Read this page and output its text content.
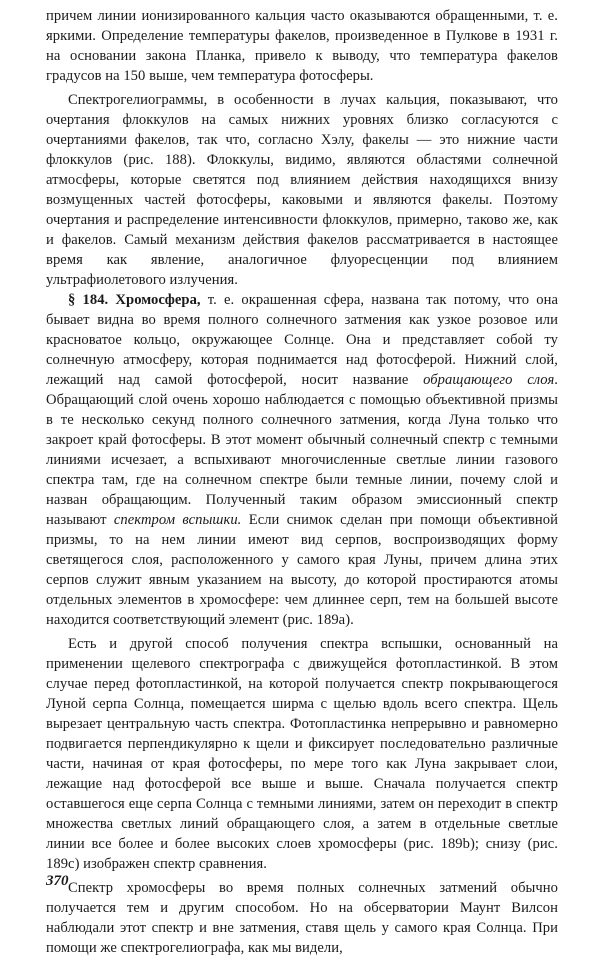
причем линии ионизированного кальция часто оказываются обращенными, т. е. яркими. Определение температуры факелов, произведенное в Пулкове в 1931 г. на основании закона Планка, привело к выводу, что температура факелов градусов на 150 выше, чем температура фотосферы.

Спектрогелиограммы, в особенности в лучах кальция, показывают, что очертания флоккулов на самых нижних уровнях близко согласуются с очертаниями факелов, так что, согласно Хэлу, факелы — это нижние части флоккулов (рис. 188). Флоккулы, видимо, являются областями солнечной атмосферы, которые светятся под влиянием действия находящихся внизу возмущенных частей фотосферы, каковыми и являются факелы. Поэтому очертания и распределение интенсивности флоккулов, примерно, таково же, как и факелов. Самый механизм действия факелов рассматривается в настоящее время как явление, аналогичное флуоресценции под влиянием ультрафиолетового излучения.

§ 184. Хромосфера, т. е. окрашенная сфера, названа так потому, что она бывает видна во время полного солнечного затмения как узкое розовое или красноватое кольцо, окружающее Солнце. Она и представляет собой ту солнечную атмосферу, которая поднимается над фотосферой. Нижний слой, лежащий над самой фотосферой, носит название обращающего слоя. Обращающий слой очень хорошо наблюдается с помощью объективной призмы в те несколько секунд полного солнечного затмения, когда Луна только что закроет край фотосферы. В этот момент обычный солнечный спектр с темными линиями исчезает, а вспыхивают многочисленные светлые линии газового спектра там, где на солнечном спектре были темные линии, почему слой и назван обращающим. Полученный таким образом эмиссионный спектр называют спектром вспышки. Если снимок сделан при помощи объективной призмы, то на нем линии имеют вид серпов, воспроизводящих форму светящегося слоя, расположенного у самого края Луны, причем длина этих серпов служит явным указанием на высоту, до которой простираются атомы отдельных элементов в хромосфере: чем длиннее серп, тем на большей высоте находится соответствующий элемент (рис. 189а).

Есть и другой способ получения спектра вспышки, основанный на применении щелевого спектрографа с движущейся фотопластинкой. В этом случае перед фотопластинкой, на которой получается спектр покрывающегося Луной серпа Солнца, помещается ширма с щелью вдоль всего спектра. Щель вырезает центральную часть спектра. Фотопластинка непрерывно и равномерно подвигается перпендикулярно к щели и фиксирует последовательно различные части, начиная от края фотосферы, по мере того как Луна закрывает слои, лежащие над фотосферой все выше и выше. Сначала получается спектр оставшегося еще серпа Солнца с темными линиями, затем он переходит в спектр множества светлых линий обращающего слоя, а затем в отдельные светлые линии все более и более высоких слоев хромосферы (рис. 189b); снизу (рис. 189c) изображен спектр сравнения.

Спектр хромосферы во время полных солнечных затмений обычно получается тем и другим способом. Но на обсерватории Маунт Вилсон наблюдали этот спектр и вне затмения, ставя щель у самого края Солнца. При помощи же спектрогелиографа, как мы видели,

370
